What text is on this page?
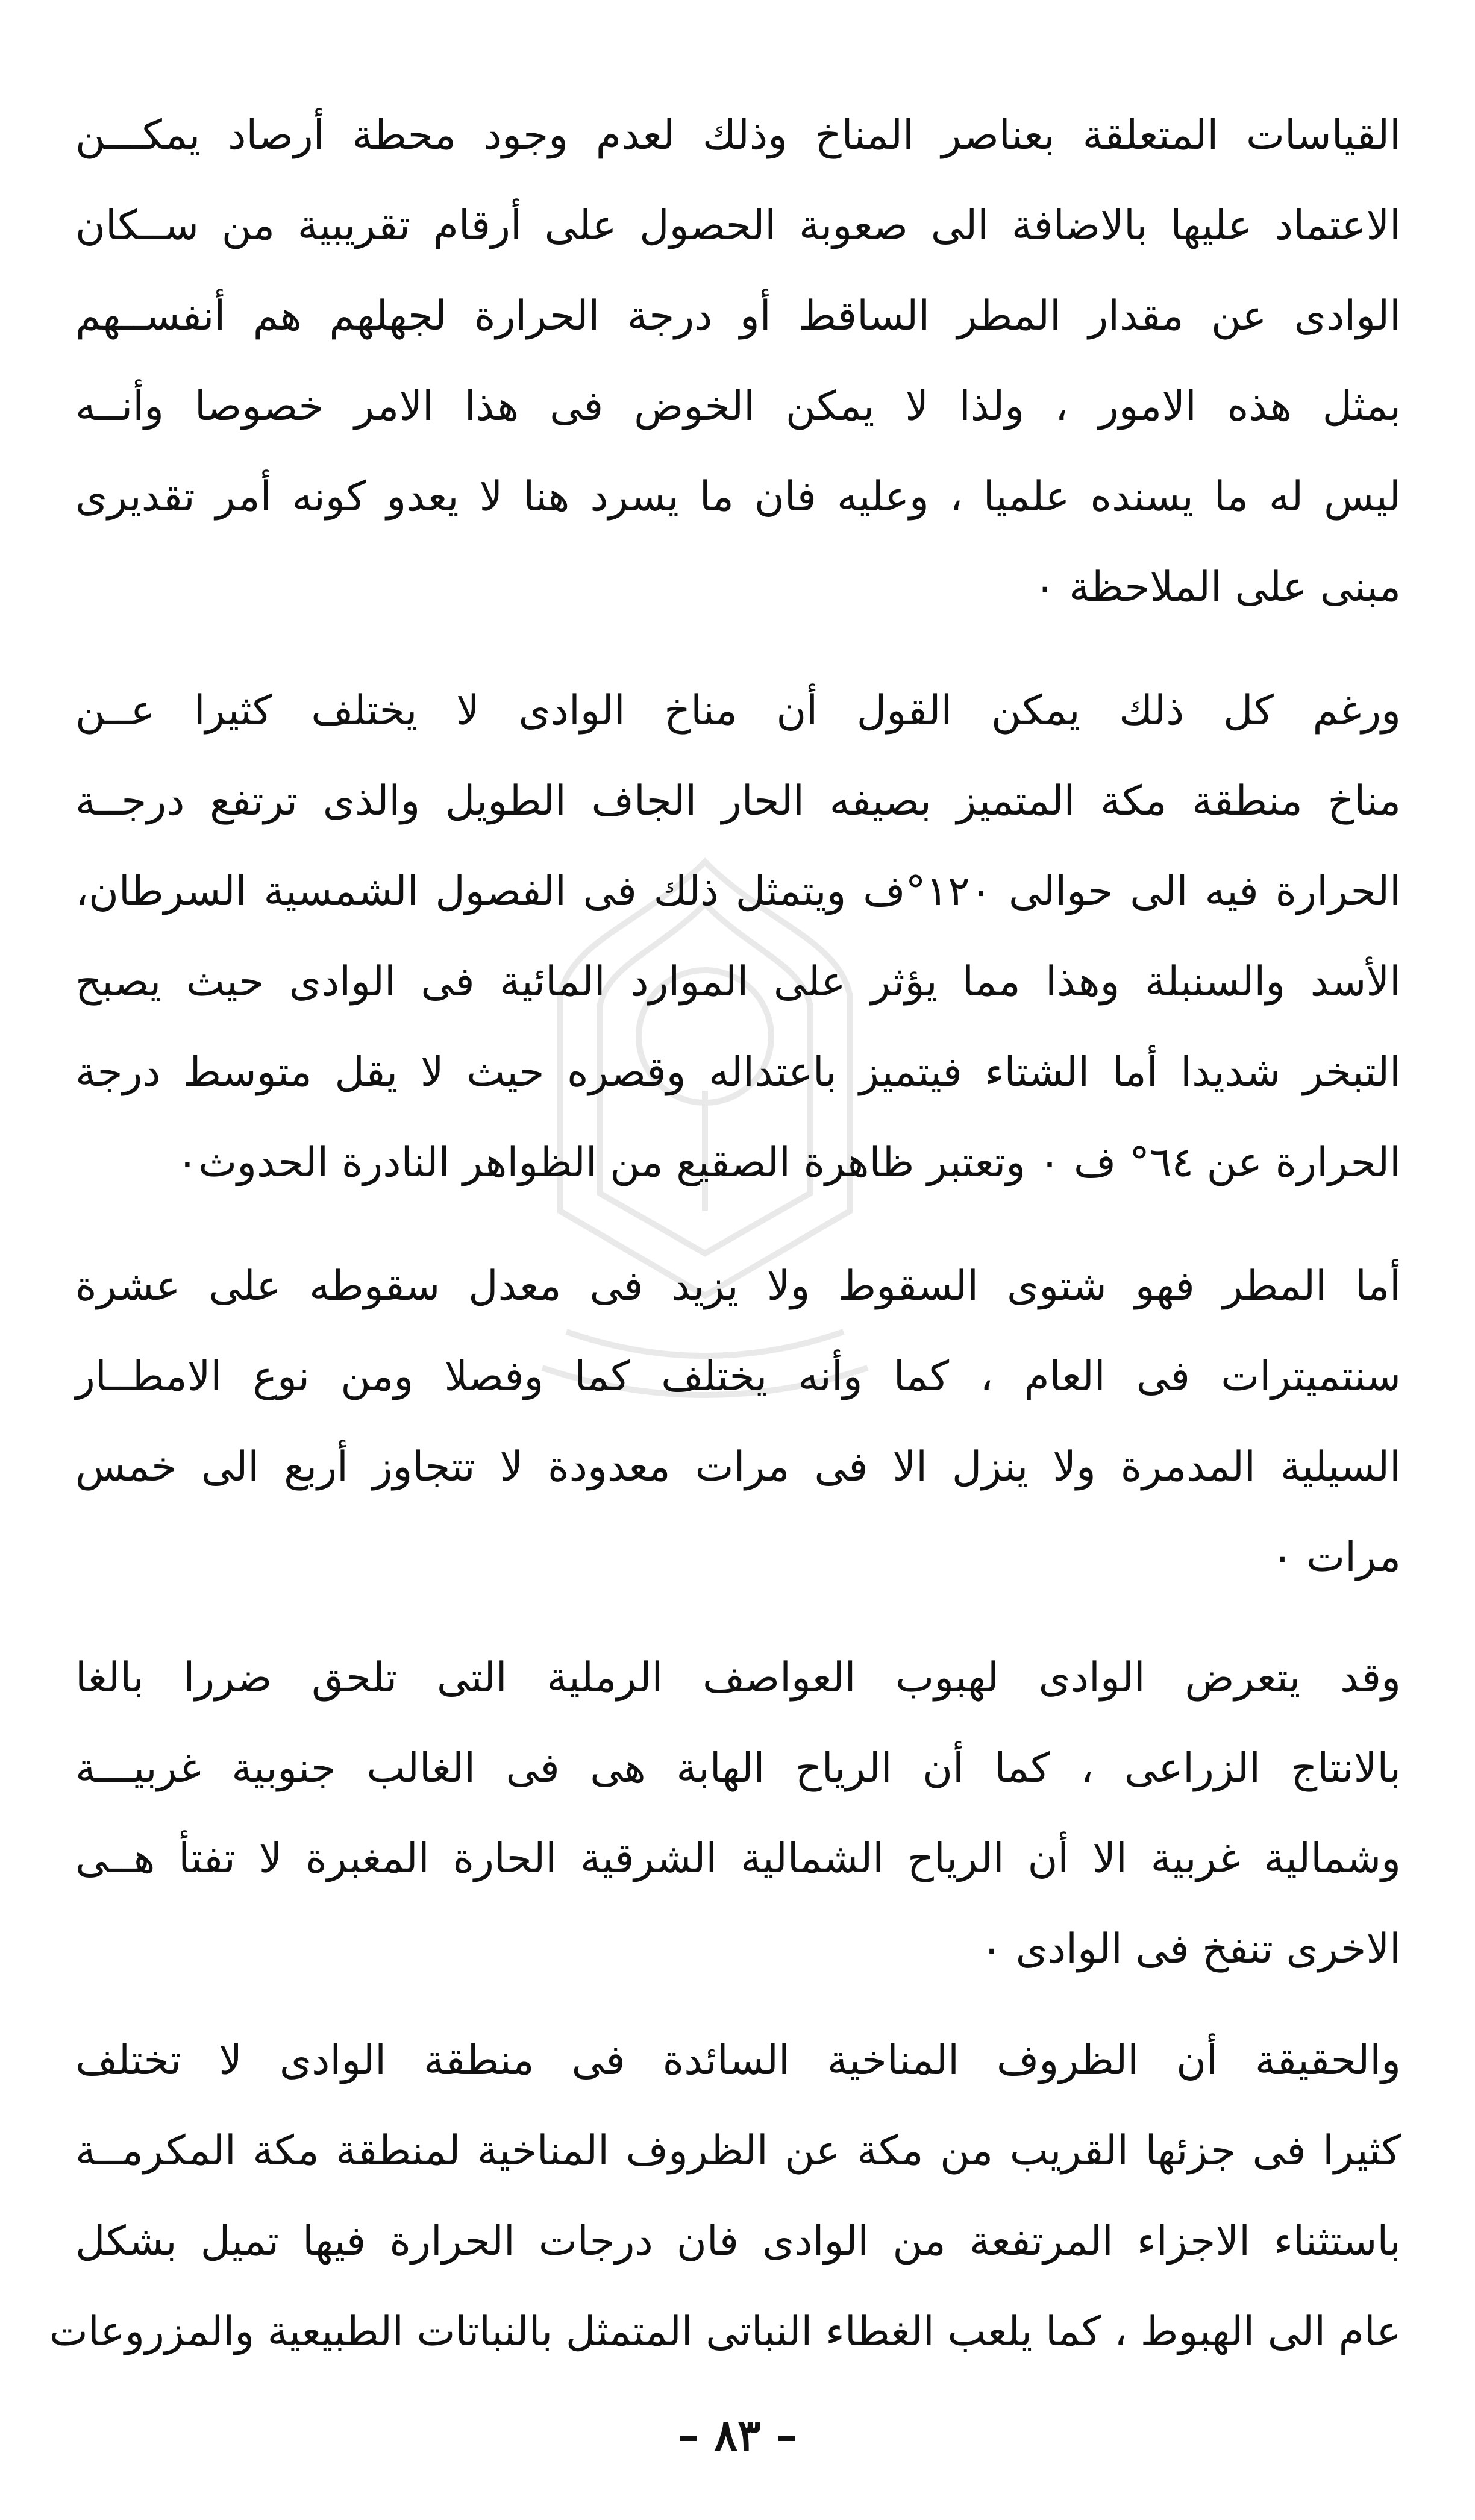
القياسات المتعلقة بعناصر المناخ وذلك لعدم وجود محطة أرصاد يمكـــن
الاعتماد عليها بالاضافة الى صعوبة الحصول على أرقام تقريبية من ســكان
الوادى عن مقدار المطر الساقط أو درجة الحرارة لجهلهم هم أنفســهم
بمثل هذه الامور ، ولذا لا يمكن الخوض فى هذا الامر خصوصا وأنــه
ليس له ما يسنده علميا ، وعليه فان ما يسرد هنا لا يعدو كونه أمر تقديرى
مبنى على الملاحظة ٠
ورغم كل ذلك يمكن القول أن مناخ الوادى لا يختلف كثيرا عــن
مناخ منطقة مكة المتميز بصيفه الحار الجاف الطويل والذى ترتفع درجــة
الحرارة فيه الى حوالى ١٢٠°ف ويتمثل ذلك فى الفصول الشمسية السرطان،
الأسد والسنبلة وهذا مما يؤثر على الموارد المائية فى الوادى حيث يصبح
التبخر شديدا أما الشتاء فيتميز باعتداله وقصره حيث لا يقل متوسط درجة
الحرارة عن ٦٤° ف ٠ وتعتبر ظاهرة الصقيع من الظواهر النادرة الحدوث٠
أما المطر فهو شتوى السقوط ولا يزيد فى معدل سقوطه على عشرة
سنتميترات فى العام ، كما وأنه يختلف كما وفصلا ومن نوع الامطــار
السيلية المدمرة ولا ينزل الا فى مرات معدودة لا تتجاوز أربع الى خمس
مرات ٠
وقد يتعرض الوادى لهبوب العواصف الرملية التى تلحق ضررا بالغا
بالانتاج الزراعى ، كما أن الرياح الهابة هى فى الغالب جنوبية غربيـــة
وشمالية غربية الا أن الرياح الشمالية الشرقية الحارة المغبرة لا تفتأ هــى
الاخرى تنفخ فى الوادى ٠
والحقيقة أن الظروف المناخية السائدة فى منطقة الوادى لا تختلف
كثيرا فى جزئها القريب من مكة عن الظروف المناخية لمنطقة مكة المكرمــة
باستثناء الاجزاء المرتفعة من الوادى فان درجات الحرارة فيها تميل بشكل
عام الى الهبوط ، كما يلعب الغطاء النباتى المتمثل بالنباتات الطبيعية والمزروعات
– ٨٣ –
